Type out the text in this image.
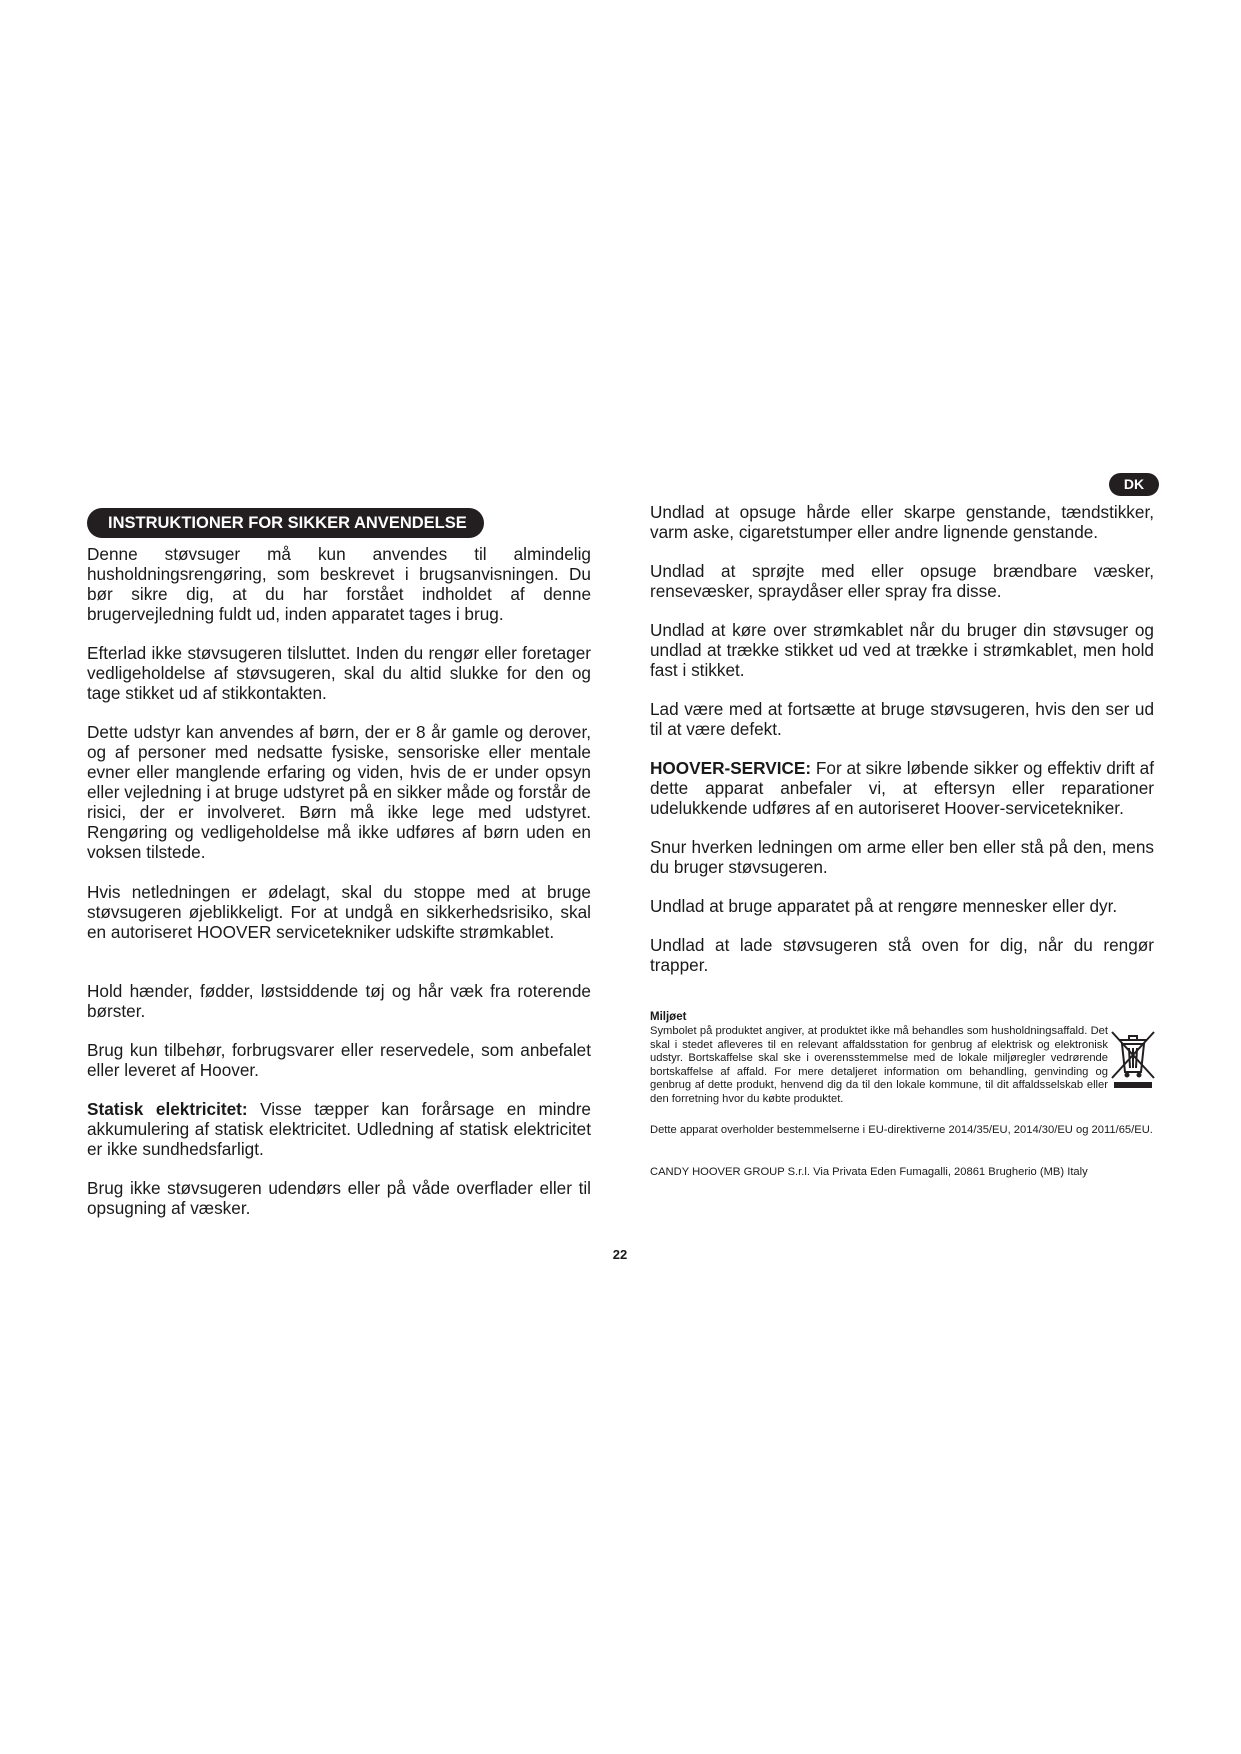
INSTRUKTIONER FOR SIKKER ANVENDELSE
DK

Denne støvsuger må kun anvendes til almindelig husholdningsrengøring, som beskrevet i brugsanvisningen. Du bør sikre dig, at du har forstået indholdet af denne brugervejledning fuldt ud, inden apparatet tages i brug.

Efterlad ikke støvsugeren tilsluttet. Inden du rengør eller foretager vedligeholdelse af støvsugeren, skal du altid slukke for den og tage stikket ud af stikkontakten.

Dette udstyr kan anvendes af børn, der er 8 år gamle og derover, og af personer med nedsatte fysiske, sensoriske eller mentale evner eller manglende erfaring og viden, hvis de er under opsyn eller vejledning i at bruge udstyret på en sikker måde og forstår de risici, der er involveret. Børn må ikke lege med udstyret. Rengøring og vedligeholdelse må ikke udføres af børn uden en voksen tilstede.

Hvis netledningen er ødelagt, skal du stoppe med at bruge støvsugeren øjeblikkeligt. For at undgå en sikkerhedsrisiko, skal en autoriseret HOOVER servicetekniker udskifte strømkablet.

Hold hænder, fødder, løstsiddende tøj og hår væk fra roterende børster.

Brug kun tilbehør, forbrugsvarer eller reservedele, som anbefalet eller leveret af Hoover.

Statisk elektricitet: Visse tæpper kan forårsage en mindre akkumulering af statisk elektricitet. Udledning af statisk elektricitet er ikke sundhedsfarligt.

Brug ikke støvsugeren udendørs eller på våde overflader eller til opsugning af væsker.

Undlad at opsuge hårde eller skarpe genstande, tændstikker, varm aske, cigaretstumper eller andre lignende genstande.

Undlad at sprøjte med eller opsuge brændbare væsker, rensevæsker, spraydåser eller spray fra disse.

Undlad at køre over strømkablet når du bruger din støvsuger og undlad at trække stikket ud ved at trække i strømkablet, men hold fast i stikket.

Lad være med at fortsætte at bruge støvsugeren, hvis den ser ud til at være defekt.

HOOVER-SERVICE: For at sikre løbende sikker og effektiv drift af dette apparat anbefaler vi, at eftersyn eller reparationer udelukkende udføres af en autoriseret Hoover-servicetekniker.

Snur hverken ledningen om arme eller ben eller stå på den, mens du bruger støvsugeren.

Undlad at bruge apparatet på at rengøre mennesker eller dyr.

Undlad at lade støvsugeren stå oven for dig, når du rengør trapper.

Miljøet
Symbolet på produktet angiver, at produktet ikke må behandles som husholdningsaffald. Det skal i stedet afleveres til en relevant affaldsstation for genbrug af elektrisk og elektronisk udstyr. Bortskaffelse skal ske i overensstemmelse med de lokale miljøregler vedrørende bortskaffelse af affald. For mere detaljeret information om behandling, genvinding og genbrug af dette produkt, henvend dig da til den lokale kommune, til dit affaldsselskab eller den forretning hvor du købte produktet.
Dette apparat overholder bestemmelserne i EU-direktiverne 2014/35/EU, 2014/30/EU og 2011/65/EU.
CANDY HOOVER GROUP S.r.l. Via Privata Eden Fumagalli, 20861 Brugherio (MB) Italy
22
